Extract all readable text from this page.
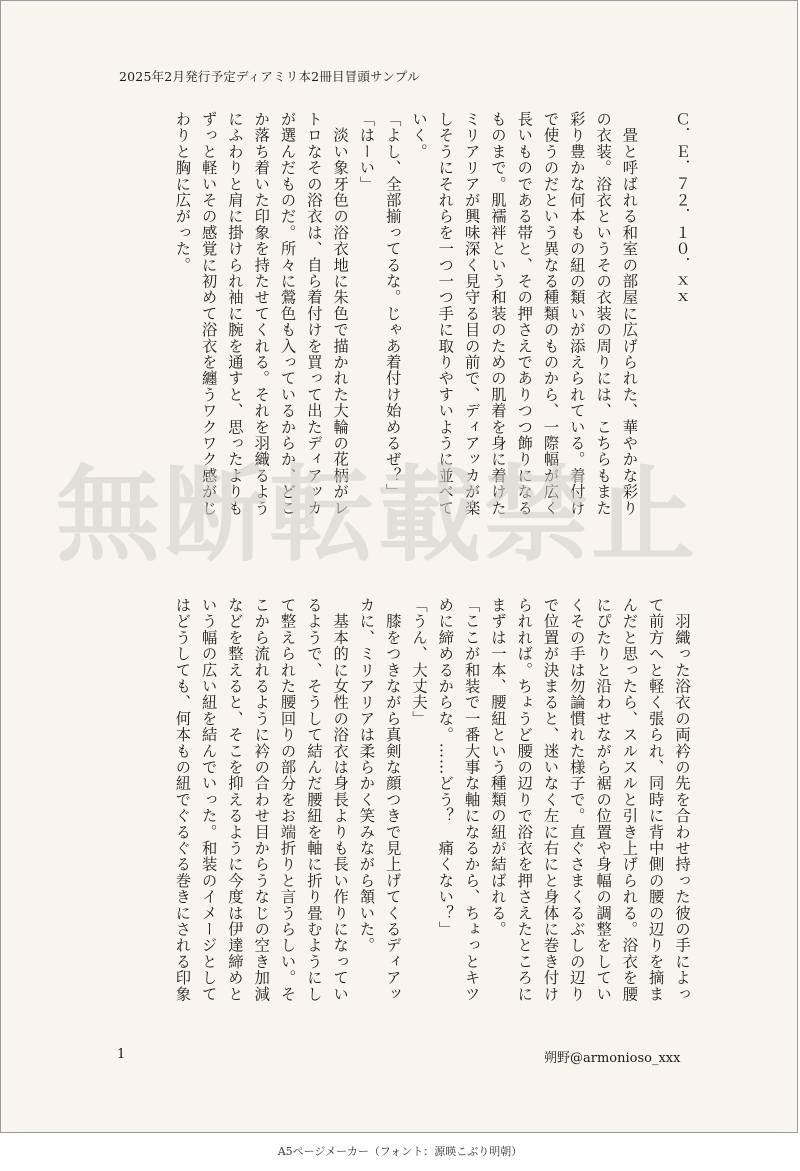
2025年2月発行予定ディアミリ本2冊目冒頭サンプル
Ｃ．Ｅ．７２．１０．ｘｘ

　畳と呼ばれる和室の部屋に広げられた、華やかな彩り
の衣装。浴衣というその衣装の周りには、こちらもまた
彩り豊かな何本もの紐の類いが添えられている。着付け
で使うのだという異なる種類のものから、一際幅が広く
長いものである帯と、その押さえでありつつ飾りになる
ものまで。肌襦袢という和装のための肌着を身に着けた
ミリアリアが興味深く見守る目の前で、ディアッカが楽
しそうにそれらを一つ一つ手に取りやすいように並べて
いく。
「よし、全部揃ってるな。じゃあ着付け始めるぜ？」
「はーい」
　淡い象牙色の浴衣地に朱色で描かれた大輪の花柄がレ
トロなその浴衣は、自ら着付けを買って出たディアッカ
が選んだものだ。所々に鶯色も入っているからか、どこ
か落ち着いた印象を持たせてくれる。それを羽織るよう
にふわりと肩に掛けられ袖に腕を通すと、思ったよりも
ずっと軽いその感覚に初めて浴衣を纏うワクワク感がじ
わりと胸に広がった。
無断転載禁止
　羽織った浴衣の両衿の先を合わせ持った彼の手によっ
て前方へと軽く張られ、同時に背中側の腰の辺りを摘ま
んだと思ったら、スルスルと引き上げられる。浴衣を腰
にぴたりと沿わせながら裾の位置や身幅の調整をしてい
くその手は勿論慣れた様子で。直ぐさまくるぶしの辺り
で位置が決まると、迷いなく左に右にと身体に巻き付け
られれば。ちょうど腰の辺りで浴衣を押さえたところに
まずは一本、腰紐という種類の紐が結ばれる。
「ここが和装で一番大事な軸になるから、ちょっとキツ
めに締めるからな。……どう？　痛くない？」
「うん、大丈夫」
　膝をつきながら真剣な顔つきで見上げてくるディアッ
カに、ミリアリアは柔らかく笑みながら頷いた。
　基本的に女性の浴衣は身長よりも長い作りになってい
るようで、そうして結んだ腰紐を軸に折り畳むようにし
て整えられた腰回りの部分をお端折りと言うらしい。そ
こから流れるように衿の合わせ目からうなじの空き加減
などを整えると、そこを抑えるように今度は伊達締めと
いう幅の広い紐を結んでいった。和装のイメージとして
はどうしても、何本もの紐でぐるぐる巻きにされる印象
1	朔野@armonioso_xxx
A5ページメーカー（フォント：源暎こぶり明朝）
